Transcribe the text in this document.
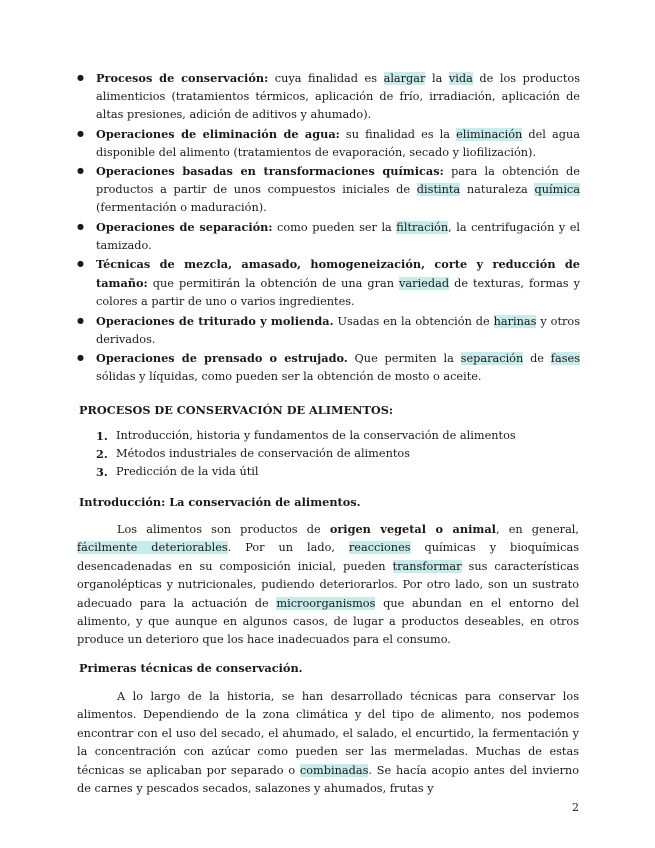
● Procesos de conservación: cuya finalidad es alargar la vida de los productos alimenticios (tratamientos térmicos, aplicación de frío, irradiación, aplicación de altas presiones, adición de aditivos y ahumado).
● Operaciones de eliminación de agua: su finalidad es la eliminación del agua disponible del alimento (tratamientos de evaporación, secado y liofilización).
● Operaciones basadas en transformaciones químicas: para la obtención de productos a partir de unos compuestos iniciales de distinta naturaleza química (fermentación o maduración).
● Operaciones de separación: como pueden ser la filtración, la centrifugación y el tamizado.
● Técnicas de mezcla, amasado, homogeneización, corte y reducción de tamaño: que permitirán la obtención de una gran variedad de texturas, formas y colores a partir de uno o varios ingredientes.
● Operaciones de triturado y molienda. Usadas en la obtención de harinas y otros derivados.
● Operaciones de prensado o estrujado. Que permiten la separación de fases sólidas y líquidas, como pueden ser la obtención de mosto o aceite.
PROCESOS DE CONSERVACIÓN DE ALIMENTOS:
1. Introducción, historia y fundamentos de la conservación de alimentos
2. Métodos industriales de conservación de alimentos
3. Predicción de la vida útil
Introducción: La conservación de alimentos.

Los alimentos son productos de origen vegetal o animal, en general, fácilmente deteriorables. Por un lado, reacciones químicas y bioquímicas desencadenadas en su composición inicial, pueden transformar sus características organolépticas y nutricionales, pudiendo deteriorarlos. Por otro lado, son un sustrato adecuado para la actuación de microorganismos que abundan en el entorno del alimento, y que aunque en algunos casos, de lugar a productos deseables, en otros produce un deterioro que los hace inadecuados para el consumo.

Primeras técnicas de conservación.

A lo largo de la historia, se han desarrollado técnicas para conservar los alimentos. Dependiendo de la zona climática y del tipo de alimento, nos podemos encontrar con el uso del secado, el ahumado, el salado, el encurtido, la fermentación y la concentración con azúcar como pueden ser las mermeladas. Muchas de estas técnicas se aplicaban por separado o combinadas. Se hacía acopio antes del invierno de carnes y pescados secados, salazones y ahumados, frutas y

2
